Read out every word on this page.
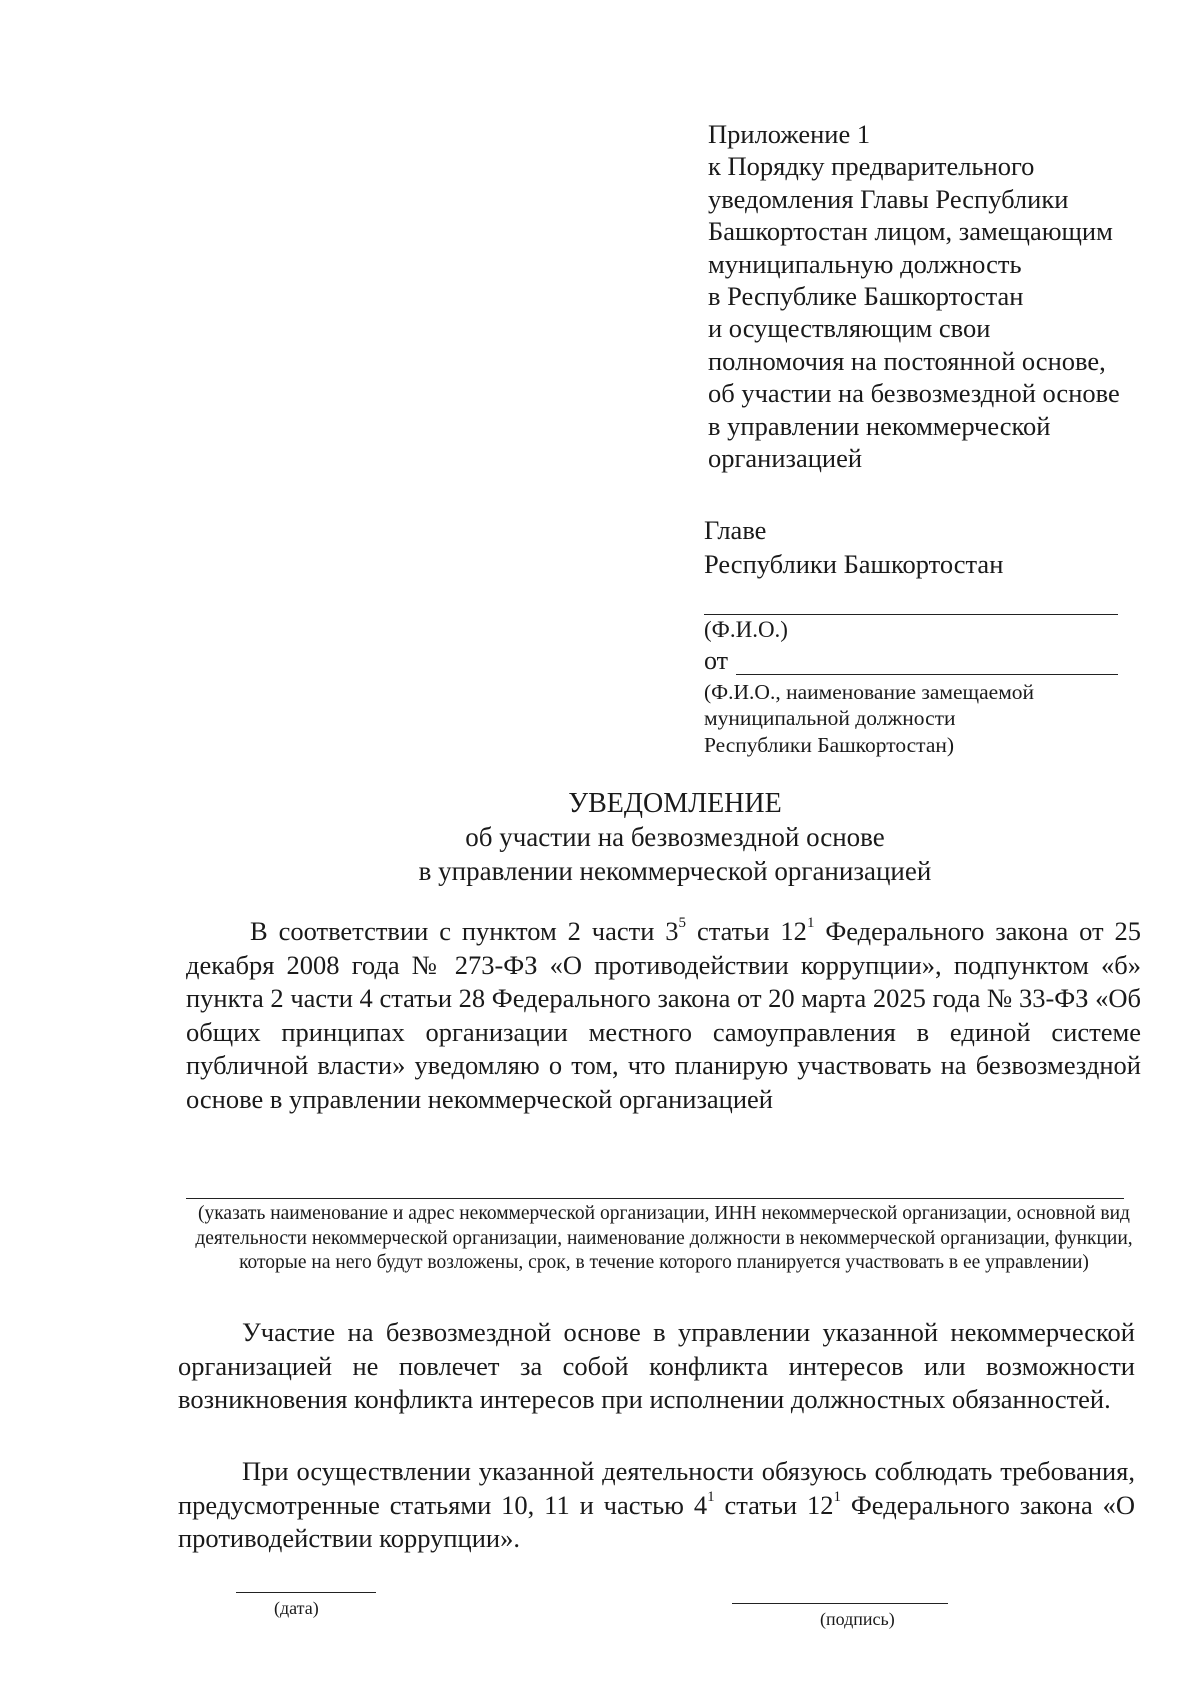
Приложение 1
к Порядку предварительного
уведомления Главы Республики
Башкортостан лицом, замещающим
муниципальную должность
в Республике Башкортостан
и осуществляющим свои
полномочия на постоянной основе,
об участии на безвозмездной основе
в управлении некоммерческой
организацией
Главе
Республики Башкортостан
(Ф.И.О.)
от
(Ф.И.О., наименование замещаемой
муниципальной должности
Республики Башкортостан)
УВЕДОМЛЕНИЕ
об участии на безвозмездной основе
в управлении некоммерческой организацией
В соответствии с пунктом 2 части $3^5$ статьи $12^1$ Федерального закона от 25 декабря 2008 года № 273-ФЗ «О противодействии коррупции», подпунктом «б» пункта 2 части 4 статьи 28 Федерального закона от 20 марта 2025 года № 33-ФЗ «Об общих принципах организации местного самоуправления в единой системе публичной власти» уведомляю о том, что планирую участвовать на безвозмездной основе в управлении некоммерческой организацией
(указать наименование и адрес некоммерческой организации, ИНН некоммерческой организации, основной вид деятельности некоммерческой организации, наименование должности в некоммерческой организации, функции, которые на него будут возложены, срок, в течение которого планируется участвовать в ее управлении)
Участие на безвозмездной основе в управлении указанной некоммерческой организацией не повлечет за собой конфликта интересов или возможности возникновения конфликта интересов при исполнении должностных обязанностей.
При осуществлении указанной деятельности обязуюсь соблюдать требования, предусмотренные статьями 10, 11 и частью $4^1$ статьи $12^1$ Федерального закона «О противодействии коррупции».
(дата)
(подпись)
